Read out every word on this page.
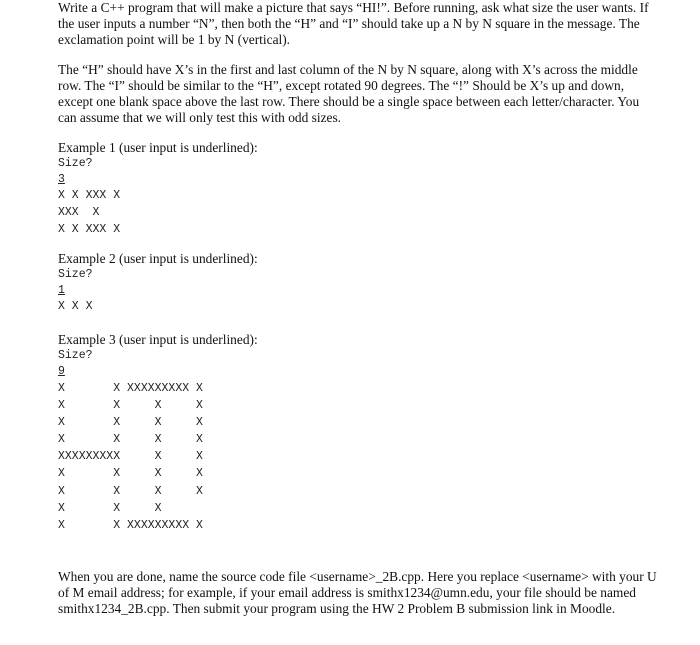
Write a C++ program that will make a picture that says “HI!”. Before running, ask what size the user wants. If the user inputs a number “N”, then both the “H” and “I” should take up a N by N square in the message. The exclamation point will be 1 by N (vertical).

The “H” should have X’s in the first and last column of the N by N square, along with X’s across the middle row. The “I” should be similar to the “H”, except rotated 90 degrees. The “!” Should be X’s up and down, except one blank space above the last row. There should be a single space between each letter/character. You can assume that we will only test this with odd sizes.

Example 1 (user input is underlined):

Size?
3
X X XXX X
XXX  X
X X XXX X

Example 2 (user input is underlined):

Size?
1
X X X

Example 3 (user input is underlined):

Size?
9
X       X XXXXXXXXX X
X       X     X     X
X       X     X     X
X       X     X     X
XXXXXXXXX     X     X
X       X     X     X
X       X     X     X
X       X     X
X       X XXXXXXXXX X

When you are done, name the source code file <username>_2B.cpp. Here you replace <username> with your U of M email address; for example, if your email address is smithx1234@umn.edu, your file should be named smithx1234_2B.cpp. Then submit your program using the HW 2 Problem B submission link in Moodle.
